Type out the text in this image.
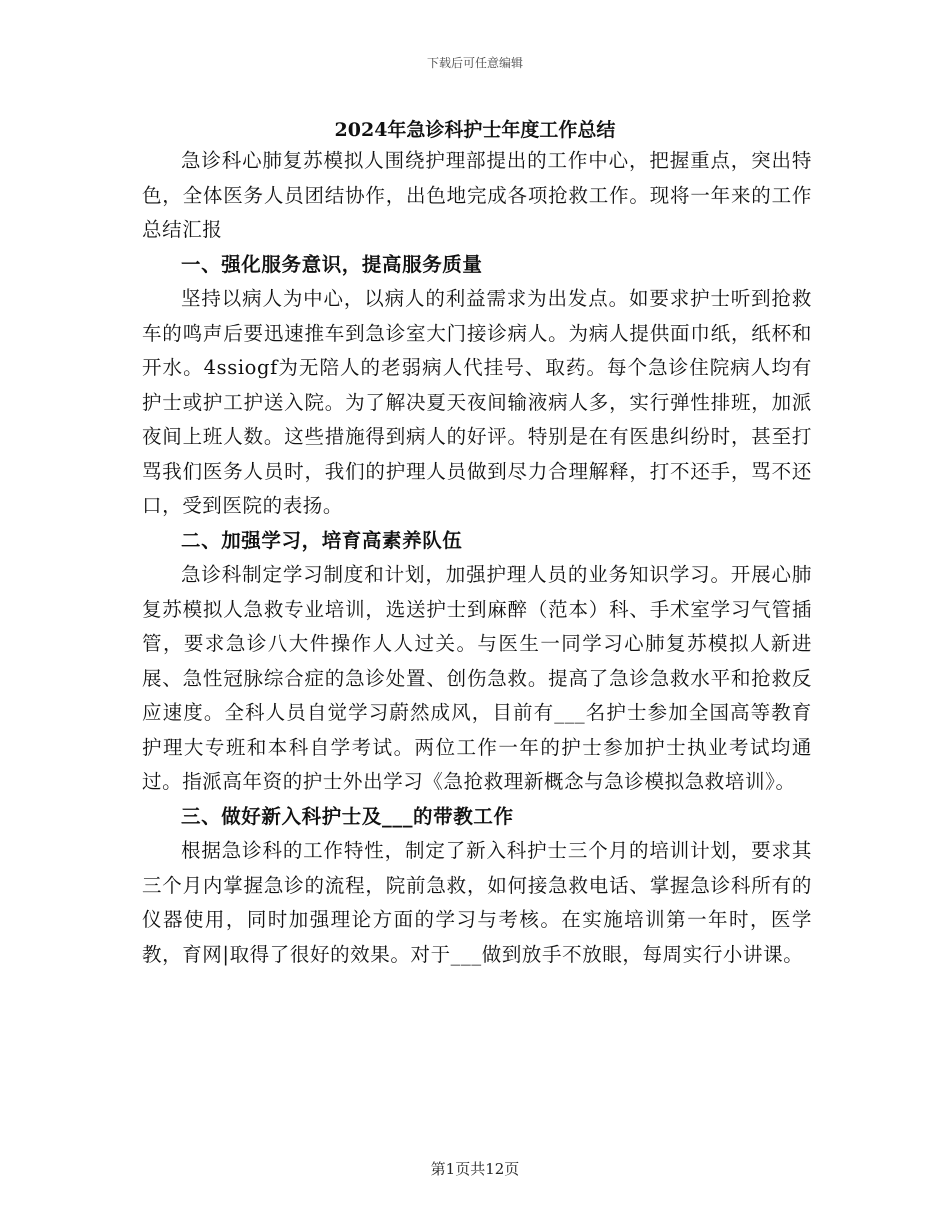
下载后可任意编辑
2024年急诊科护士年度工作总结

急诊科心肺复苏模拟人围绕护理部提出的工作中心，把握重点，突出特色，全体医务人员团结协作，出色地完成各项抢救工作。现将一年来的工作总结汇报

一、强化服务意识，提高服务质量

坚持以病人为中心，以病人的利益需求为出发点。如要求护士听到抢救车的鸣声后要迅速推车到急诊室大门接诊病人。为病人提供面巾纸，纸杯和开水。4ssiogf为无陪人的老弱病人代挂号、取药。每个急诊住院病人均有护士或护工护送入院。为了解决夏天夜间输液病人多，实行弹性排班，加派夜间上班人数。这些措施得到病人的好评。特别是在有医患纠纷时，甚至打骂我们医务人员时，我们的护理人员做到尽力合理解释，打不还手，骂不还口，受到医院的表扬。

二、加强学习，培育高素养队伍

急诊科制定学习制度和计划，加强护理人员的业务知识学习。开展心肺复苏模拟人急救专业培训，选送护士到麻醉（范本）科、手术室学习气管插管，要求急诊八大件操作人人过关。与医生一同学习心肺复苏模拟人新进展、急性冠脉综合症的急诊处置、创伤急救。提高了急诊急救水平和抢救反应速度。全科人员自觉学习蔚然成风，目前有___名护士参加全国高等教育护理大专班和本科自学考试。两位工作一年的护士参加护士执业考试均通过。指派高年资的护士外出学习《急抢救理新概念与急诊模拟急救培训》。

三、做好新入科护士及___的带教工作

根据急诊科的工作特性，制定了新入科护士三个月的培训计划，要求其三个月内掌握急诊的流程，院前急救，如何接急救电话、掌握急诊科所有的仪器使用，同时加强理论方面的学习与考核。在实施培训第一年时，医学教，育网|取得了很好的效果。对于___做到放手不放眼，每周实行小讲课。

第1页共12页
